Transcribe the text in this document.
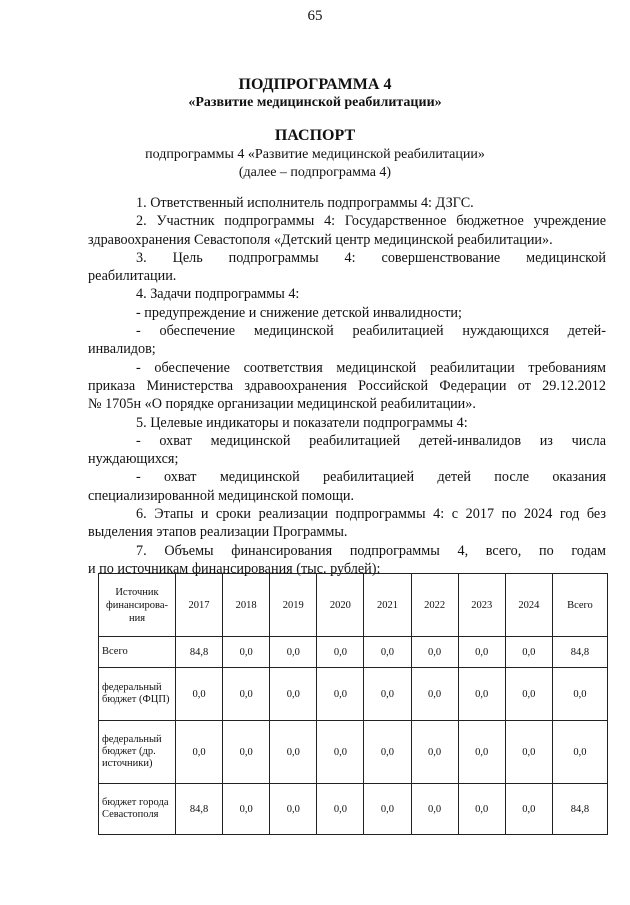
65
ПОДПРОГРАММА 4
«Развитие медицинской реабилитации»
ПАСПОРТ
подпрограммы 4 «Развитие медицинской реабилитации»
(далее – подпрограмма 4)

1. Ответственный исполнитель подпрограммы 4: ДЗГС.

2. Участник подпрограммы 4: Государственное бюджетное учреждение

здравоохранения Севастополя «Детский центр медицинской реабилитации».

3. Цель подпрограммы 4: совершенствование медицинской

реабилитации.

4. Задачи подпрограммы 4:

- предупреждение и снижение детской инвалидности;

- обеспечение медицинской реабилитацией нуждающихся детей-

инвалидов;

- обеспечение соответствия медицинской реабилитации требованиям

приказа Министерства здравоохранения Российской Федерации от 29.12.2012

№ 1705н «О порядке организации медицинской реабилитации».

5. Целевые индикаторы и показатели подпрограммы 4:

- охват медицинской реабилитацией детей-инвалидов из числа

нуждающихся;

- охват медицинской реабилитацией детей после оказания

специализированной медицинской помощи.

6. Этапы и сроки реализации подпрограммы 4: с 2017 по 2024 год без

выделения этапов реализации Программы.

7. Объемы финансирования подпрограммы 4, всего, по годам

и по источникам финансирования (тыс. рублей):

Источник финансирова-ния	2017	2018	2019	2020	2021	2022	2023	2024	Всего
Всего	84,8	0,0	0,0	0,0	0,0	0,0	0,0	0,0	84,8
федеральный бюджет (ФЦП)	0,0	0,0	0,0	0,0	0,0	0,0	0,0	0,0	0,0
федеральный бюджет (др. источники)	0,0	0,0	0,0	0,0	0,0	0,0	0,0	0,0	0,0
бюджет города Севастополя	84,8	0,0	0,0	0,0	0,0	0,0	0,0	0,0	84,8
